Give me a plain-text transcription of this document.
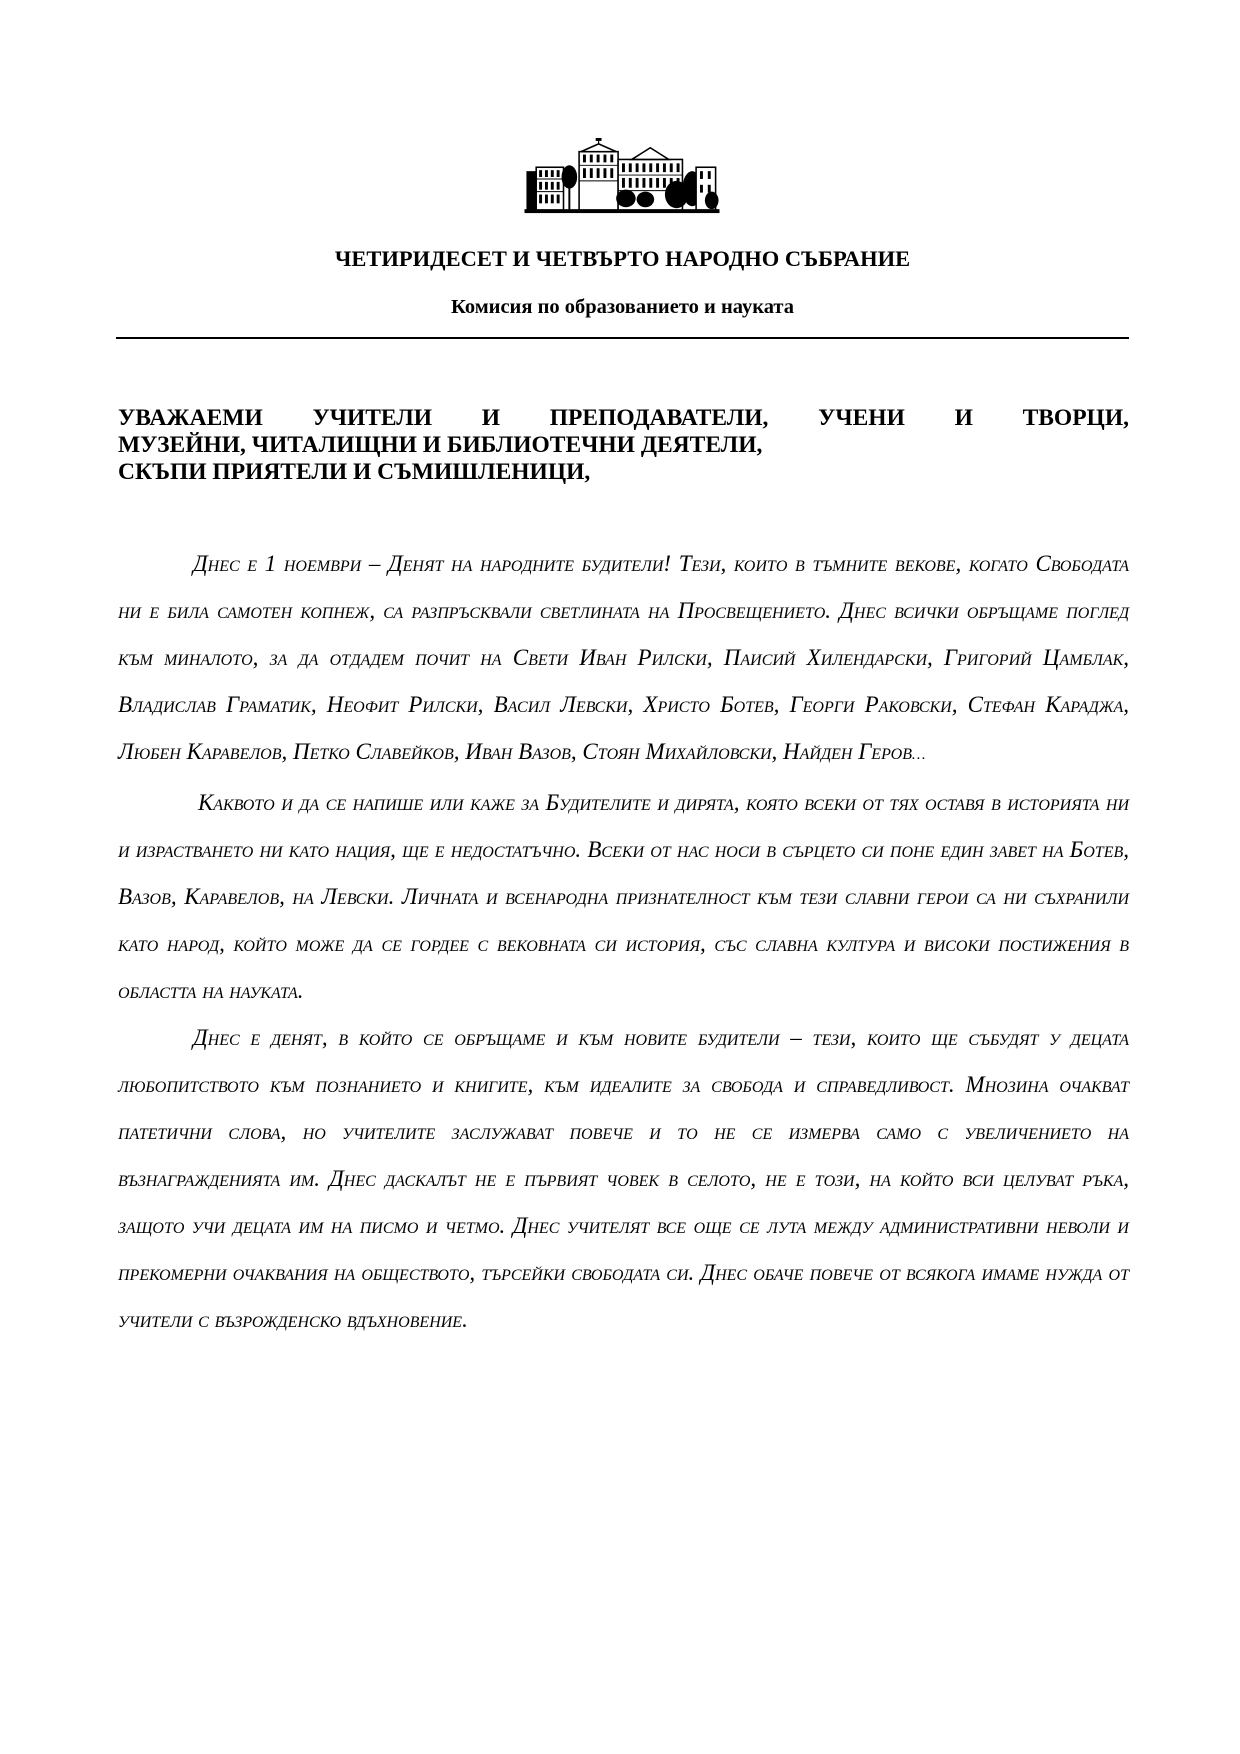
ЧЕТИРИДЕСЕТ И ЧЕТВЪРТО НАРОДНО СЪБРАНИЕ
Комисия по образованието и науката
УВАЖАЕМИ УЧИТЕЛИ И ПРЕПОДАВАТЕЛИ, УЧЕНИ И ТВОРЦИ,
МУЗЕЙНИ, ЧИТАЛИЩНИ И БИБЛИОТЕЧНИ ДЕЯТЕЛИ,
СКЪПИ ПРИЯТЕЛИ И СЪМИШЛЕНИЦИ,

Днес е 1 ноември – Денят на народните будители! Тези, които в тъмните векове, когато Свободата ни е била самотен копнеж, са разпръсквали светлината на Просвещението. Днес всички обръщаме поглед към миналото, за да отдадем почит на Свети Иван Рилски, Паисий Хилендарски, Григорий Цамблак, Владислав Граматик, Неофит Рилски, Васил Левски, Христо Ботев, Георги Раковски, Стефан Караджа, Любен Каравелов, Петко Славейков, Иван Вазов, Стоян Михайловски, Найден Геров…

Каквото и да се напише или каже за Будителите и дирята, която всеки от тях оставя в историята ни и израстването ни като нация, ще е недостатъчно. Всеки от нас носи в сърцето си поне един завет на Ботев, Вазов, Каравелов, на Левски. Личната и всенародна признателност към тези славни герои са ни съхранили като народ, който може да се гордее с вековната си история, със славна култура и високи постижения в областта на науката.

Днес е денят, в който се обръщаме и към новите будители – тези, които ще събудят у децата любопитството към познанието и книгите, към идеалите за свобода и справедливост. Мнозина очакват патетични слова, но учителите заслужават повече и то не се измерва само с увеличението на възнагражденията им. Днес даскалът не е първият човек в селото, не е този, на който вси целуват ръка, защото учи децата им на писмо и четмо. Днес учителят все още се лута между административни неволи и прекомерни очаквания на обществото, търсейки свободата си. Днес обаче повече от всякога имаме нужда от учители с възрожденско вдъхновение.
